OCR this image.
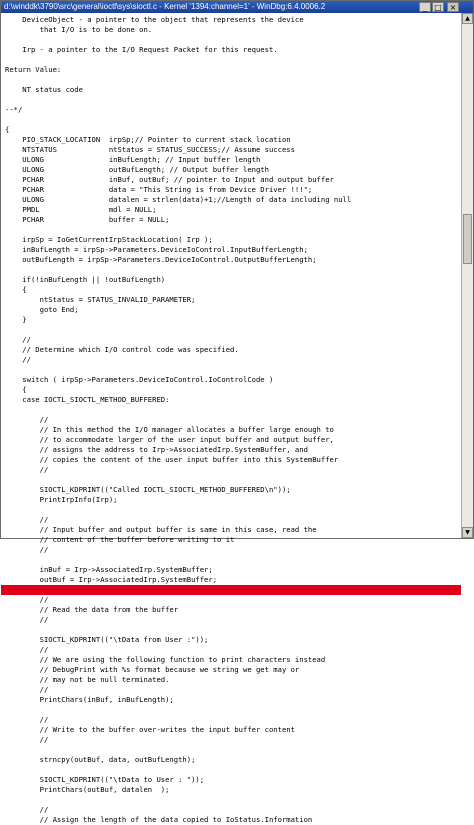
d:\winddk\3790\src\general\ioctl\sys\sioctl.c - Kernel '1394:channel=1' - WinDbg:6.4.0006.2	_ □ ×
DeviceObject - a pointer to the object that represents the device
that I/O is to be done on.
Irp - a pointer to the I/O Request Packet for this request.
Return Value:
NT status code
--*/
{
PIO_STACK_LOCATION  irpSp;// Pointer to current stack location
NTSTATUS            ntStatus = STATUS_SUCCESS;// Assume success
ULONG               inBufLength; // Input buffer length
ULONG               outBufLength; // Output buffer length
PCHAR               inBuf, outBuf; // pointer to Input and output buffer
PCHAR               data = "This String is from Device Driver !!!";
ULONG               datalen = strlen(data)+1;//Length of data including null
PMDL                mdl = NULL;
PCHAR               buffer = NULL;
irpSp = IoGetCurrentIrpStackLocation( Irp );
inBufLength = irpSp->Parameters.DeviceIoControl.InputBufferLength;
outBufLength = irpSp->Parameters.DeviceIoControl.OutputBufferLength;
if(!inBufLength || !outBufLength)
{
ntStatus = STATUS_INVALID_PARAMETER;
goto End;
}
//
// Determine which I/O control code was specified.
//
switch ( irpSp->Parameters.DeviceIoControl.IoControlCode )
{
case IOCTL_SIOCTL_METHOD_BUFFERED:
//
// In this method the I/O manager allocates a buffer large enough to
// to accommodate larger of the user input buffer and output buffer,
// assigns the address to Irp->AssociatedIrp.SystemBuffer, and
// copies the content of the user input buffer into this SystemBuffer
//
SIOCTL_KDPRINT(("Called IOCTL_SIOCTL_METHOD_BUFFERED\n"));
PrintIrpInfo(Irp);
//
// Input buffer and output buffer is same in this case, read the
// content of the buffer before writing to it
//
inBuf = Irp->AssociatedIrp.SystemBuffer;
outBuf = Irp->AssociatedIrp.SystemBuffer;
//
// Read the data from the buffer
//
SIOCTL_KDPRINT(("\tData from User :"));
//
// We are using the following function to print characters instead
// DebugPrint with %s format because we string we get may or
// may not be null terminated.
//
PrintChars(inBuf, inBufLength);
//
// Write to the buffer over-writes the input buffer content
//
strncpy(outBuf, data, outBufLength);
SIOCTL_KDPRINT(("\tData to User : "));
PrintChars(outBuf, datalen  );
//
// Assign the length of the data copied to IoStatus.Information
▲
▼
